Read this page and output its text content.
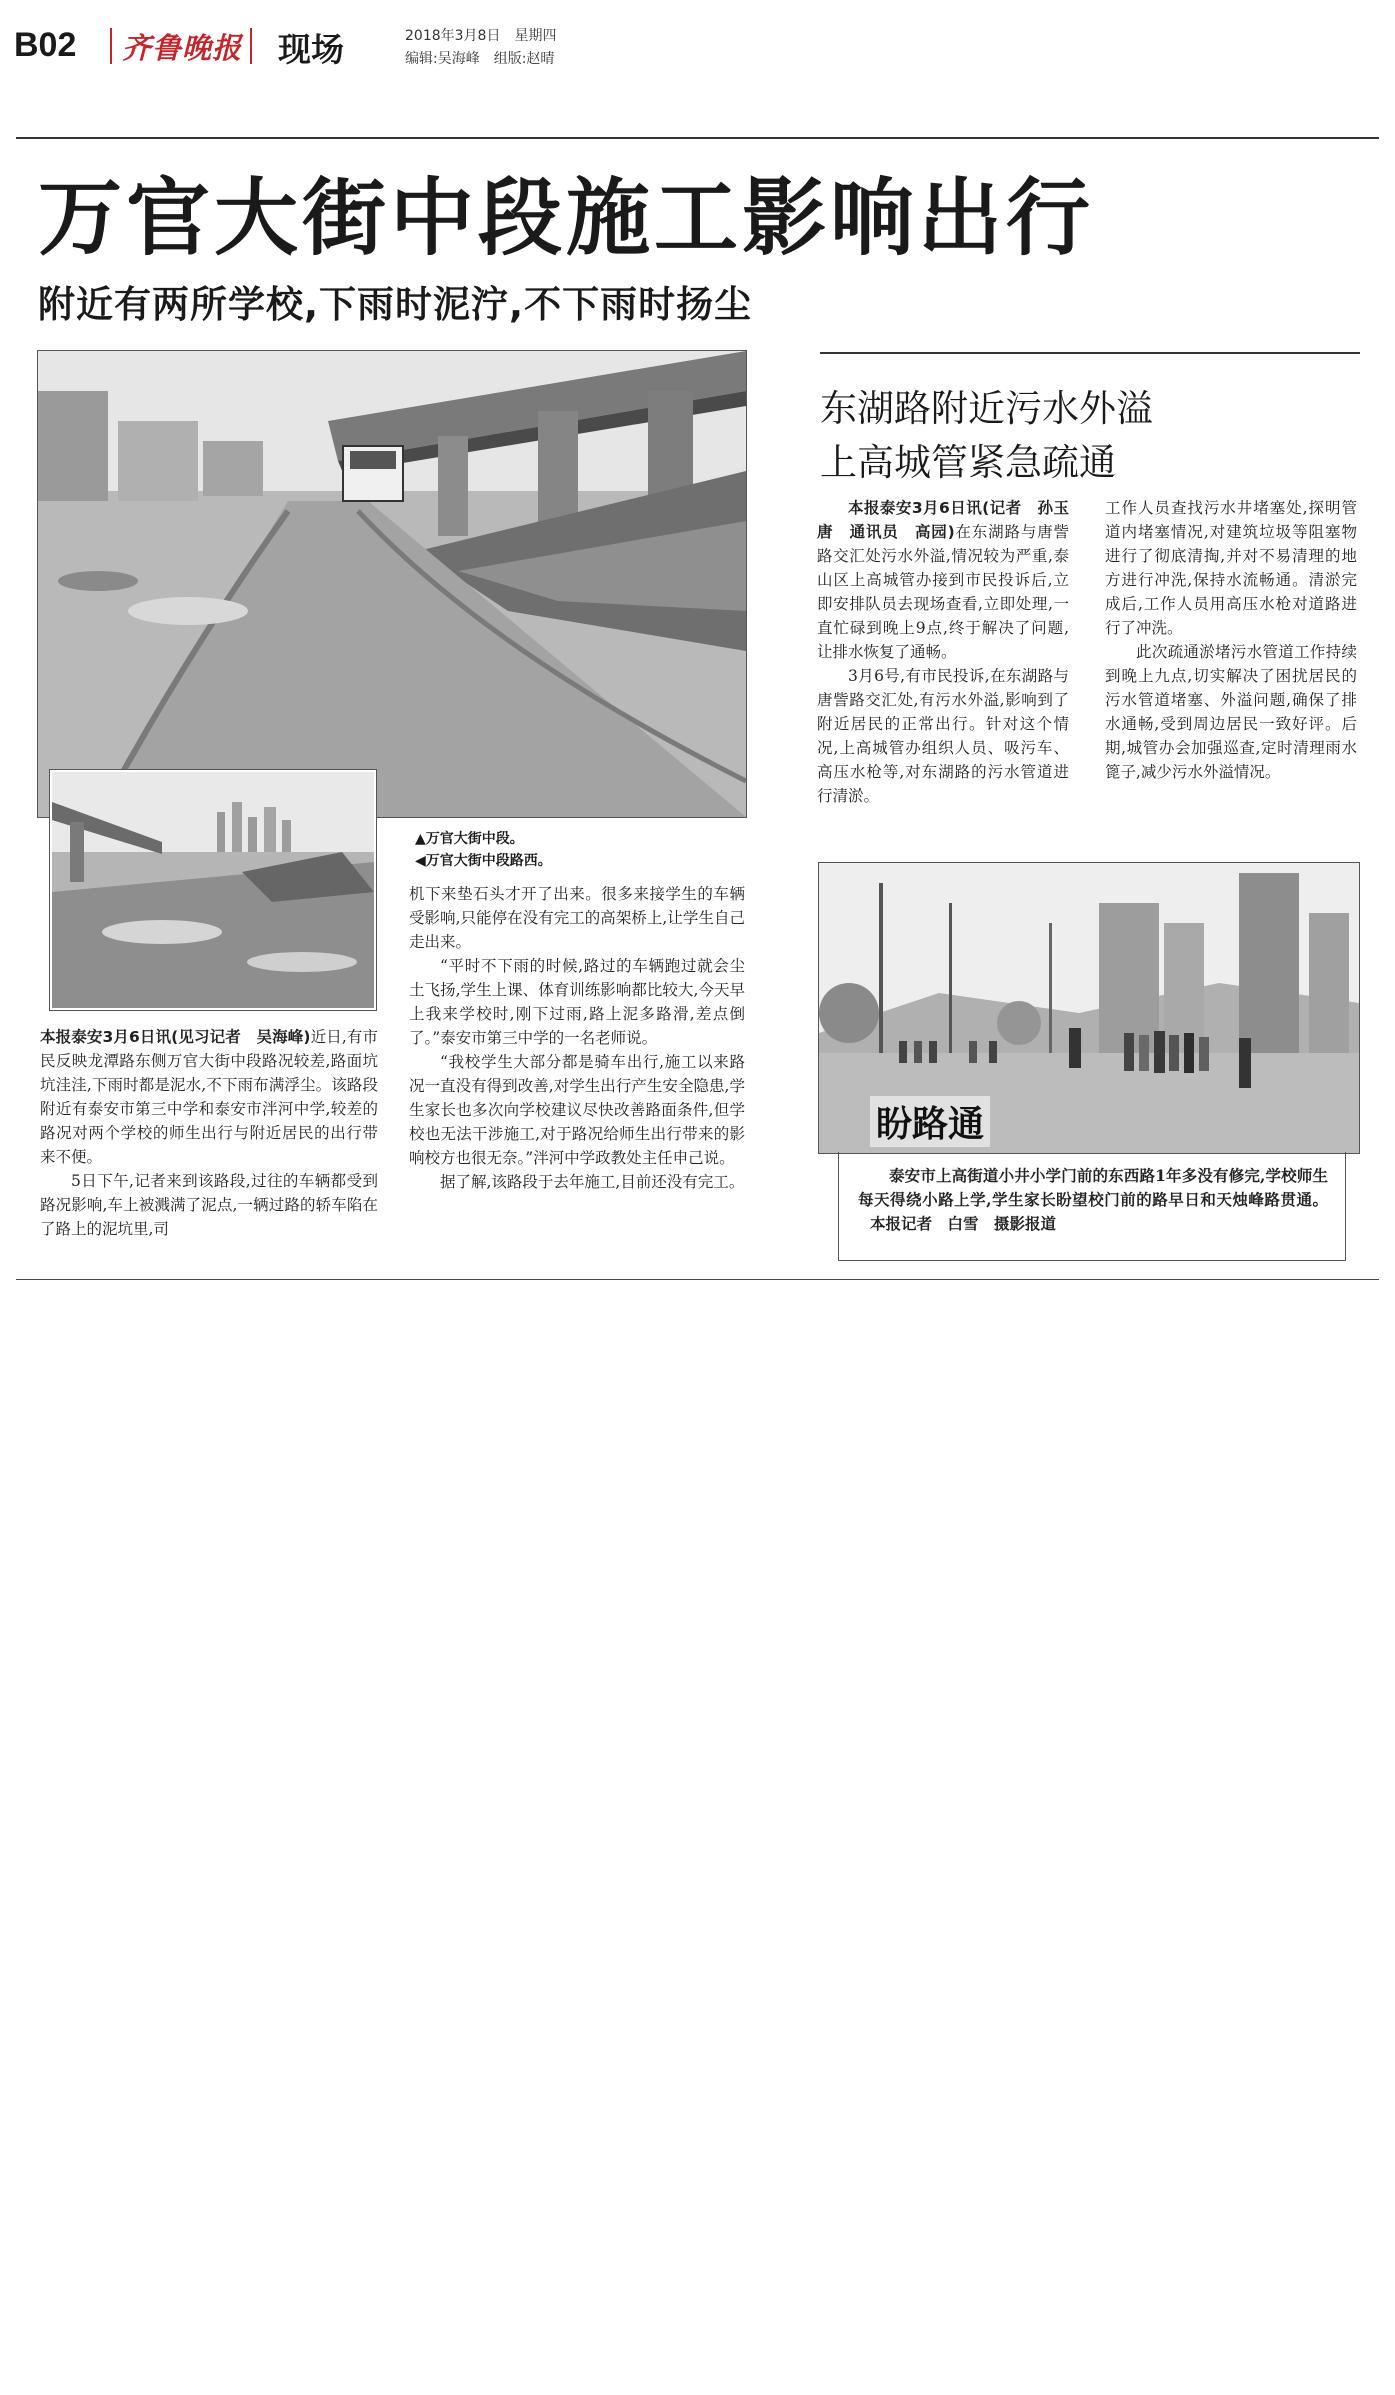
B02 齐鲁晚报 现场	2018年3月8日　星期四
编辑:吴海峰　组版:赵晴
万官大街中段施工影响出行
附近有两所学校,下雨时泥泞,不下雨时扬尘
▲万官大街中段。
◀万官大街中段路西。

本报泰安3月6日讯(见习记者　吴海峰)近日,有市民反映龙潭路东侧万官大街中段路况较差,路面坑坑洼洼,下雨时都是泥水,不下雨布满浮尘。该路段附近有泰安市第三中学和泰安市泮河中学,较差的路况对两个学校的师生出行与附近居民的出行带来不便。

5日下午,记者来到该路段,过往的车辆都受到路况影响,车上被溅满了泥点,一辆过路的轿车陷在了路上的泥坑里,司

机下来垫石头才开了出来。很多来接学生的车辆受影响,只能停在没有完工的高架桥上,让学生自己走出来。

“平时不下雨的时候,路过的车辆跑过就会尘土飞扬,学生上课、体育训练影响都比较大,今天早上我来学校时,刚下过雨,路上泥多路滑,差点倒了。”泰安市第三中学的一名老师说。

“我校学生大部分都是骑车出行,施工以来路况一直没有得到改善,对学生出行产生安全隐患,学生家长也多次向学校建议尽快改善路面条件,但学校也无法干涉施工,对于路况给师生出行带来的影响校方也很无奈。”泮河中学政教处主任申己说。

据了解,该路段于去年施工,目前还没有完工。

东湖路附近污水外溢
上高城管紧急疏通

本报泰安3月6日讯(记者　孙玉唐　通讯员　高园)在东湖路与唐訾路交汇处污水外溢,情况较为严重,泰山区上高城管办接到市民投诉后,立即安排队员去现场查看,立即处理,一直忙碌到晚上9点,终于解决了问题,让排水恢复了通畅。

3月6号,有市民投诉,在东湖路与唐訾路交汇处,有污水外溢,影响到了附近居民的正常出行。针对这个情况,上高城管办组织人员、吸污车、高压水枪等,对东湖路的污水管道进行清淤。

工作人员查找污水井堵塞处,探明管道内堵塞情况,对建筑垃圾等阻塞物进行了彻底清掏,并对不易清理的地方进行冲洗,保持水流畅通。清淤完成后,工作人员用高压水枪对道路进行了冲洗。

此次疏通淤堵污水管道工作持续到晚上九点,切实解决了困扰居民的污水管道堵塞、外溢问题,确保了排水通畅,受到周边居民一致好评。后期,城管办会加强巡查,定时清理雨水篦子,减少污水外溢情况。

盼路通
泰安市上高街道小井小学门前的东西路1年多没有修完,学校师生每天得绕小路上学,学生家长盼望校门前的路早日和天烛峰路贯通。 本报记者　白雪　摄影报道
